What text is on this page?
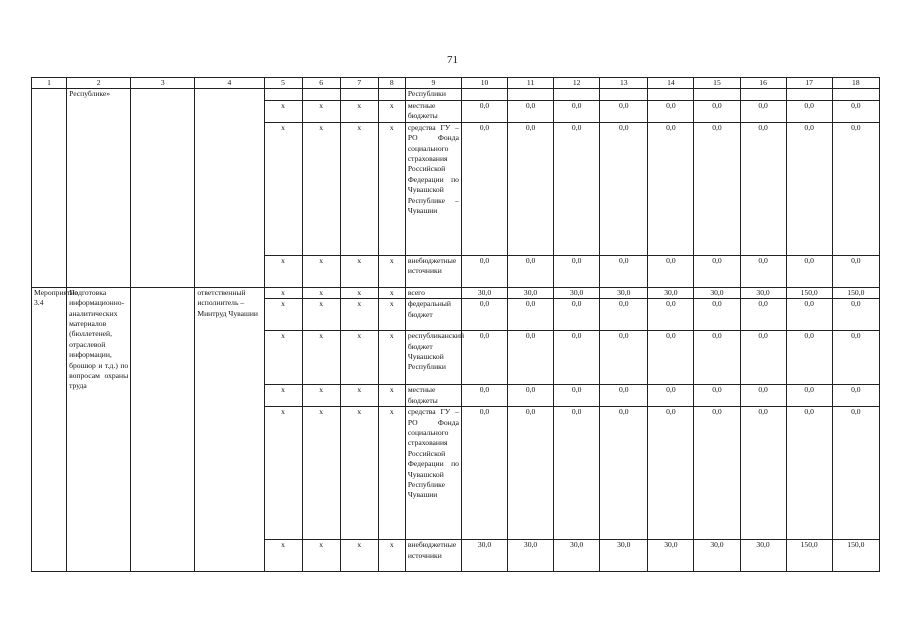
71
1	2	3	4	5	6	7	8	9	10	11	12	13	14	15	16	17	18
	Республике»							Республики									
				х	х	х	х	местные бюджеты	0,0	0,0	0,0	0,0	0,0	0,0	0,0	0,0	0,0
				х	х	х	х	средства ГУ – РО Фонда социального страхования Российской Федерации по Чувашской Республике – Чувашии	0,0	0,0	0,0	0,0	0,0	0,0	0,0	0,0	0,0
				х	х	х	х	внебюджетные источники	0,0	0,0	0,0	0,0	0,0	0,0	0,0	0,0	0,0
Мероприятие 3.4	Подготовка информационно-аналитических материалов (бюллетеней, отраслевой информации, брошюр и т.д.) по вопросам охраны труда		ответственный исполнитель – Минтруд Чувашии	х	х	х	х	всего	30,0	30,0	30,0	30,0	30,0	30,0	30,0	150,0	150,0
				х	х	х	х	федеральный бюджет	0,0	0,0	0,0	0,0	0,0	0,0	0,0	0,0	0,0
				х	х	х	х	республиканский бюджет Чувашской Республики	0,0	0,0	0,0	0,0	0,0	0,0	0,0	0,0	0,0
				х	х	х	х	местные бюджеты	0,0	0,0	0,0	0,0	0,0	0,0	0,0	0,0	0,0
				х	х	х	х	средства ГУ – РО Фонда социального страхования Российской Федерации по Чувашской Республике Чувашии	0,0	0,0	0,0	0,0	0,0	0,0	0,0	0,0	0,0
				х	х	х	х	внебюджетные источники	30,0	30,0	30,0	30,0	30,0	30,0	30,0	150,0	150,0
